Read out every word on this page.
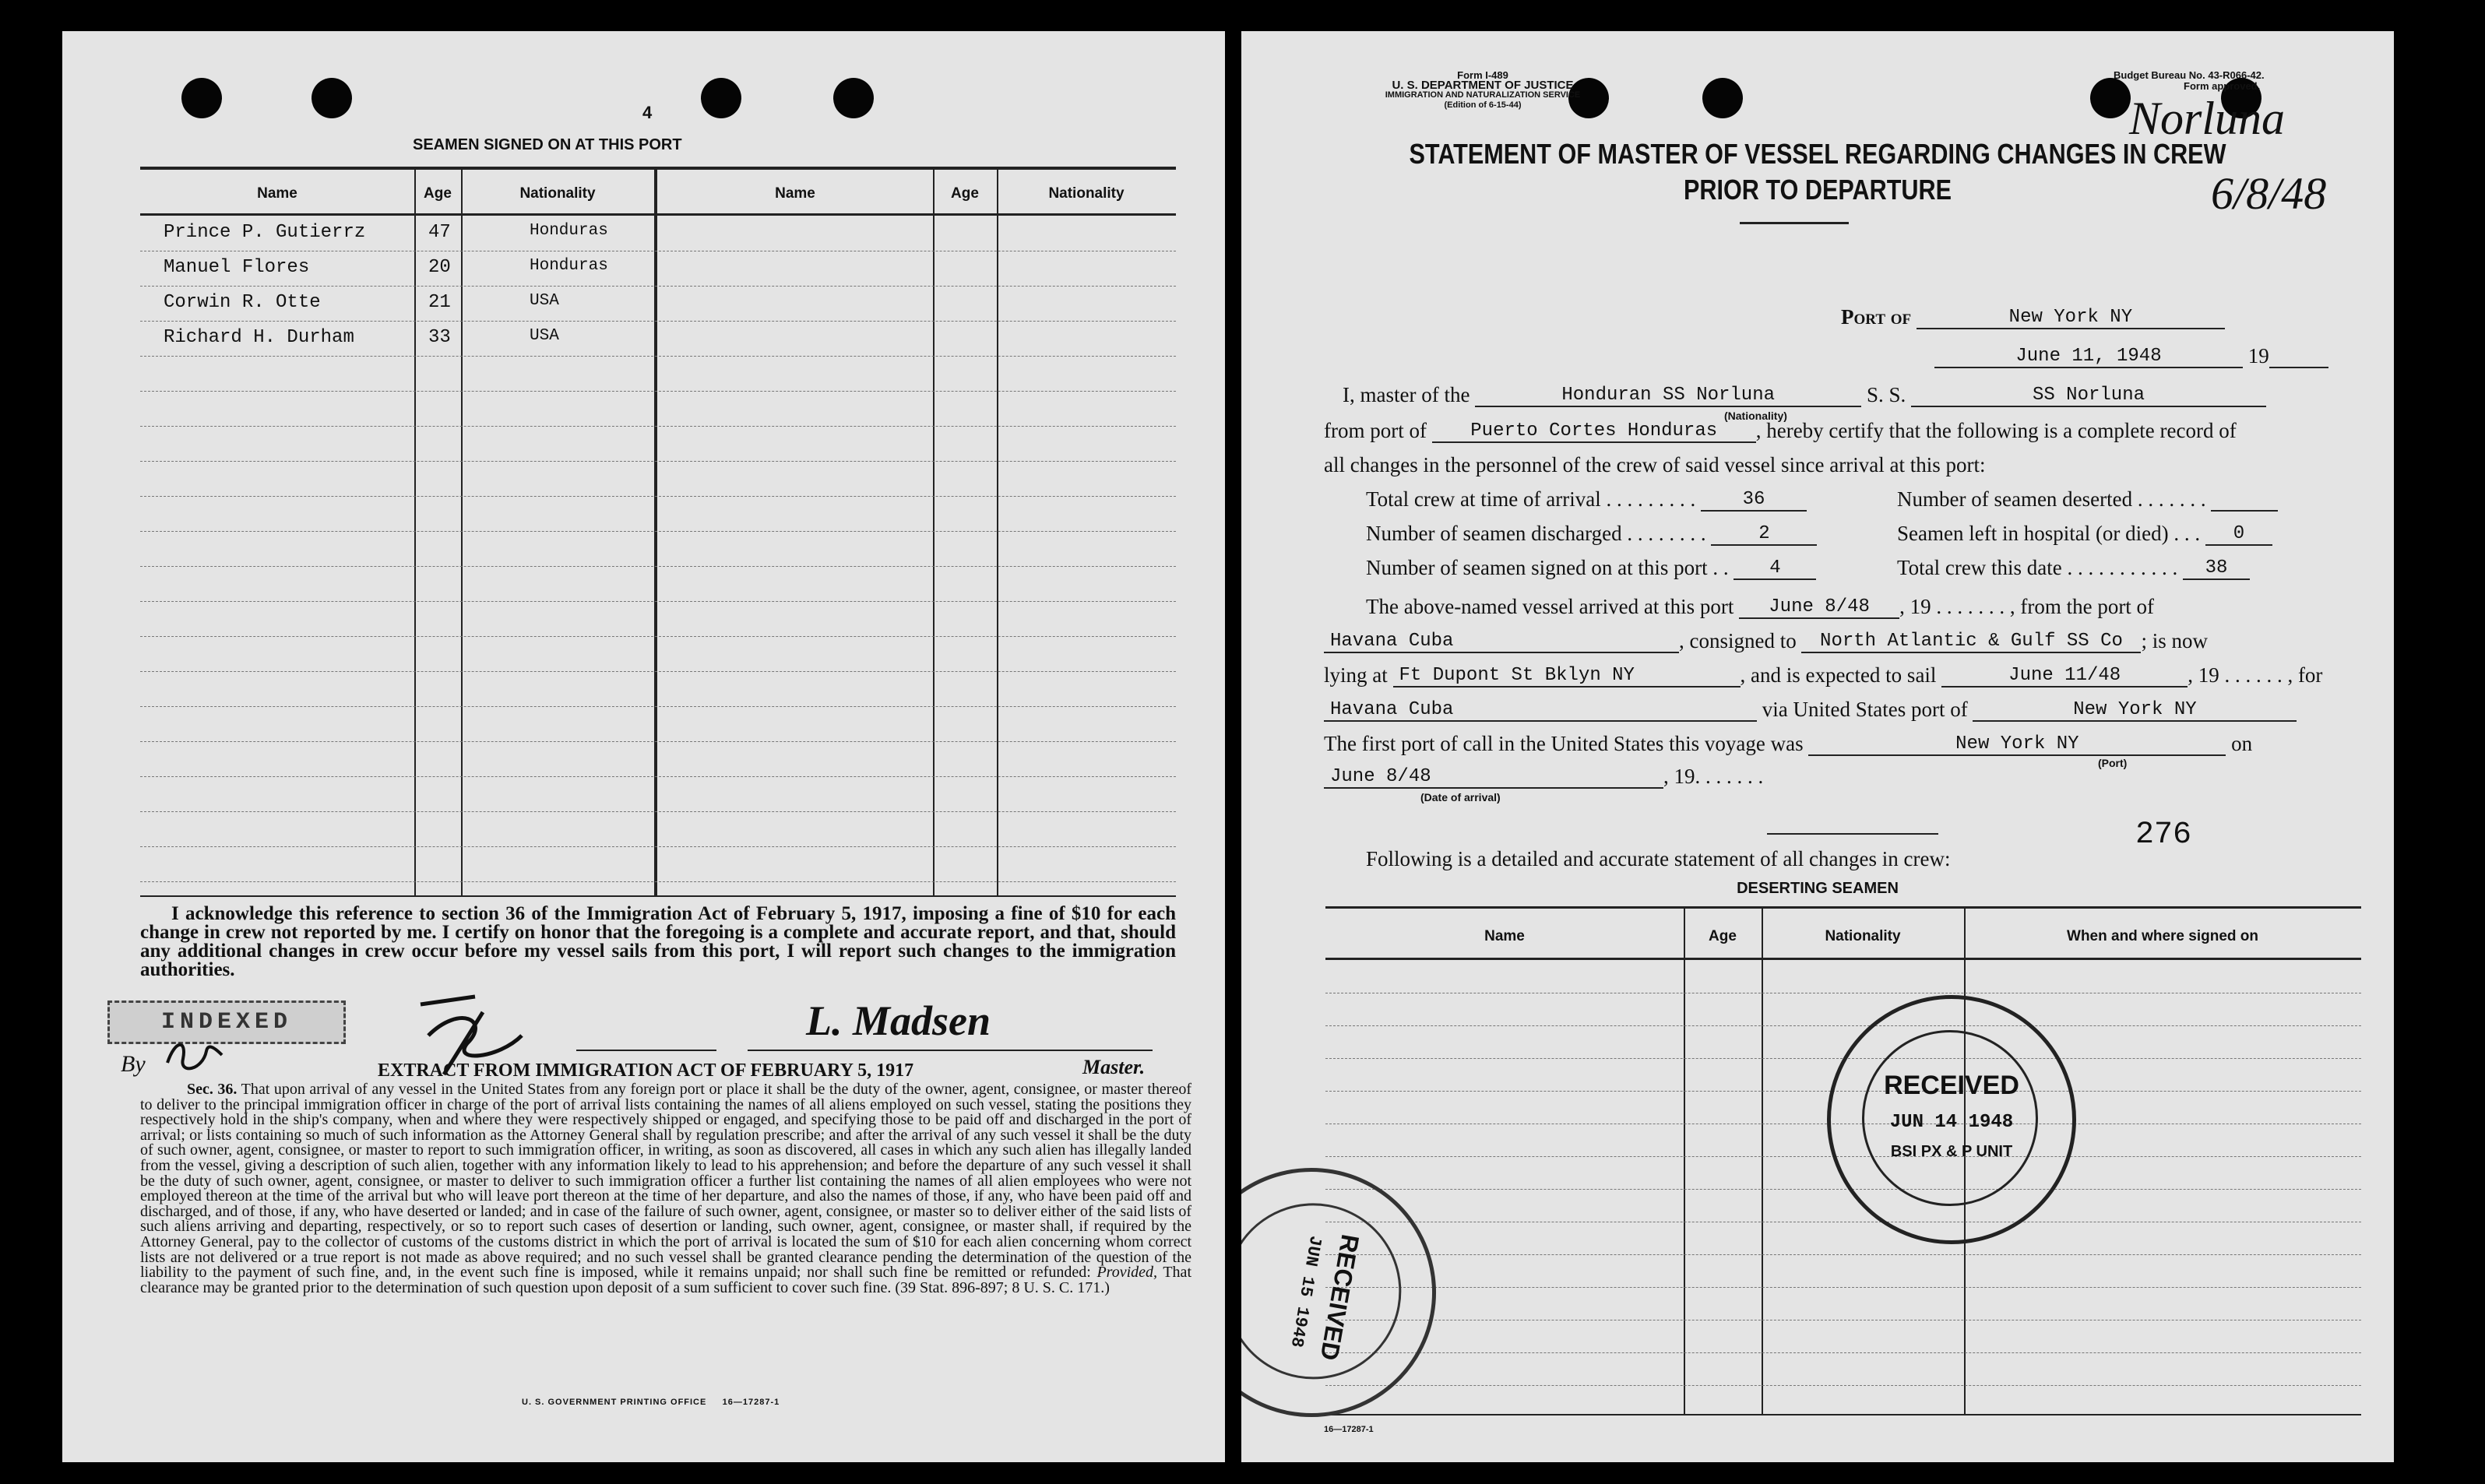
4
SEAMEN SIGNED ON AT THIS PORT
Name	Age	Nationality	Name	Age	Nationality
Prince P. Gutierrz	47	Honduras
Manuel Flores	20	Honduras
Corwin R. Otte	21	USA
Richard H. Durham	33	USA
I acknowledge this reference to section 36 of the Immigration Act of February 5, 1917, imposing a fine of $10 for each change in crew not reported by me. I certify on honor that the foregoing is a complete and accurate report, and that, should any additional changes in crew occur before my vessel sails from this port, I will report such changes to the immigration authorities.
INDEXED
By
L. Madsen
Master.
EXTRACT FROM IMMIGRATION ACT OF FEBRUARY 5, 1917
Sec. 36. That upon arrival of any vessel in the United States from any foreign port or place it shall be the duty of the owner, agent, consignee, or master thereof to deliver to the principal immigration officer in charge of the port of arrival lists containing the names of all aliens employed on such vessel, stating the positions they respectively hold in the ship's company, when and where they were respectively shipped or engaged, and specifying those to be paid off and discharged in the port of arrival; or lists containing so much of such information as the Attorney General shall by regulation prescribe; and after the arrival of any such vessel it shall be the duty of such owner, agent, consignee, or master to report to such immigration officer, in writing, as soon as discovered, all cases in which any such alien has illegally landed from the vessel, giving a description of such alien, together with any information likely to lead to his apprehension; and before the departure of any such vessel it shall be the duty of such owner, agent, consignee, or master to deliver to such immigration officer a further list containing the names of all alien employees who were not employed thereon at the time of the arrival but who will leave port thereon at the time of her departure, and also the names of those, if any, who have been paid off and discharged, and of those, if any, who have deserted or landed; and in case of the failure of such owner, agent, consignee, or master so to deliver either of the said lists of such aliens arriving and departing, respectively, or so to report such cases of desertion or landing, such owner, agent, consignee, or master shall, if required by the Attorney General, pay to the collector of customs of the customs district in which the port of arrival is located the sum of $10 for each alien concerning whom correct lists are not delivered or a true report is not made as above required; and no such vessel shall be granted clearance pending the determination of the question of the liability to the payment of such fine, and, in the event such fine is imposed, while it remains unpaid; nor shall such fine be remitted or refunded: Provided, That clearance may be granted prior to the determination of such question upon deposit of a sum sufficient to cover such fine. (39 Stat. 896-897; 8 U. S. C. 171.)
U. S. GOVERNMENT PRINTING OFFICE     16—17287-1
Form I-489
U. S. DEPARTMENT OF JUSTICE
IMMIGRATION AND NATURALIZATION SERVICE
(Edition of 6-15-44)
Budget Bureau No. 43-R066-42.
Form approved.
Norluna
6/8/48
STATEMENT OF MASTER OF VESSEL REGARDING CHANGES IN CREW
PRIOR TO DEPARTURE
Port of	New York NY
June 11, 1948	19
I, master of the	Honduran SS Norluna	S. S.	SS Norluna
(Nationality)
from port of Puerto Cortes Honduras , hereby certify that the following is a complete record of
all changes in the personnel of the crew of said vessel since arrival at this port:
Total crew at time of arrival . . . . . . . . .	36	Number of seamen deserted . . . . . . .
Number of seamen discharged . . . . . . . .	2	Seamen left in hospital (or died) . . . 0
Number of seamen signed on at this port . . 4	Total crew this date . . . . . . . . . . . 38
The above-named vessel arrived at this port June 8/48 , 19 . . . . . . . , from the port of
Havana Cuba	, consigned to North Atlantic & Gulf SS Co ; is now
lying at Ft Dupont St Bklyn NY	, and is expected to sail	June 11/48	, 19 . . . . . . , for
Havana Cuba	via United States port of	New York NY
The first port of call in the United States this voyage was	New York NY	on
(Port)
June 8/48	, 19. . . . . . .
(Date of arrival)
276
Following is a detailed and accurate statement of all changes in crew:
DESERTING SEAMEN
Name	Age	Nationality	When and where signed on
RECEIVED
JUN 14 1948
BSI PX & P UNIT
RECEIVED
JUN 15 1948
16—17287-1
